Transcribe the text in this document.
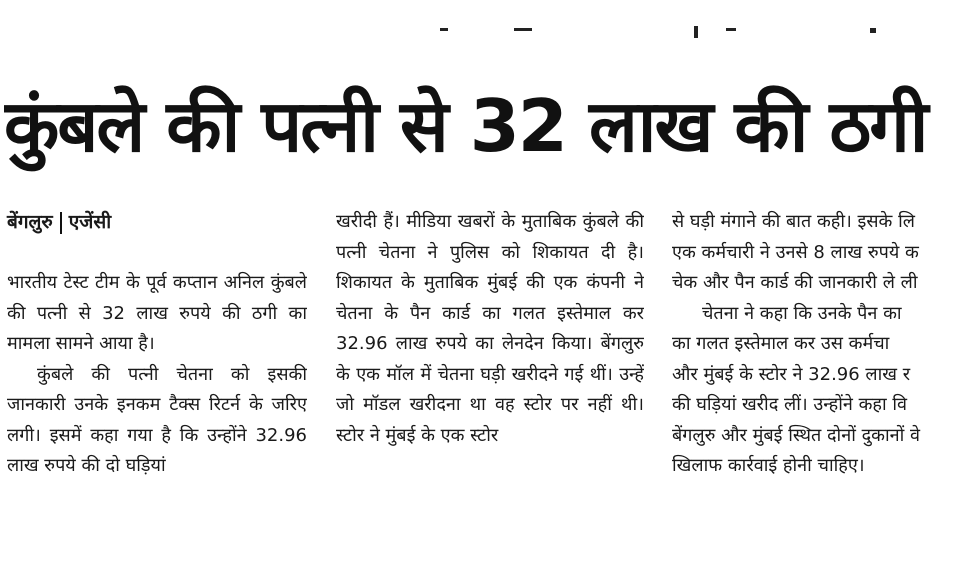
कुंबले की पत्नी से 32 लाख की ठगी
बेंगलुरु एजेंसी

भारतीय टेस्ट टीम के पूर्व कप्तान अनिल कुंबले की पत्नी से 32 लाख रुपये की ठगी का मामला सामने आया है।

कुंबले की पत्नी चेतना को इसकी जानकारी उनके इनकम टैक्स रिटर्न के जरिए लगी। इसमें कहा गया है कि उन्होंने 32.96 लाख रुपये की दो घड़ियां

खरीदी हैं। मीडिया खबरों के मुताबिक कुंबले की पत्नी चेतना ने पुलिस को शिकायत दी है। शिकायत के मुताबिक मुंबई की एक कंपनी ने चेतना के पैन कार्ड का गलत इस्तेमाल कर 32.96 लाख रुपये का लेनदेन किया। बेंगलुरु के एक मॉल में चेतना घड़ी खरीदने गई थीं। उन्हें जो मॉडल खरीदना था वह स्टोर पर नहीं थी। स्टोर ने मुंबई के एक स्टोर

से घड़ी मंगाने की बात कही। इसके लि
एक कर्मचारी ने उनसे 8 लाख रुपये क
चेक और पैन कार्ड की जानकारी ले ली
चेतना ने कहा कि उनके पैन का
का गलत इस्तेमाल कर उस कर्मचा
और मुंबई के स्टोर ने 32.96 लाख र
की घड़ियां खरीद लीं। उन्होंने कहा वि
बेंगलुरु और मुंबई स्थित दोनों दुकानों वे
खिलाफ कार्रवाई होनी चाहिए।
